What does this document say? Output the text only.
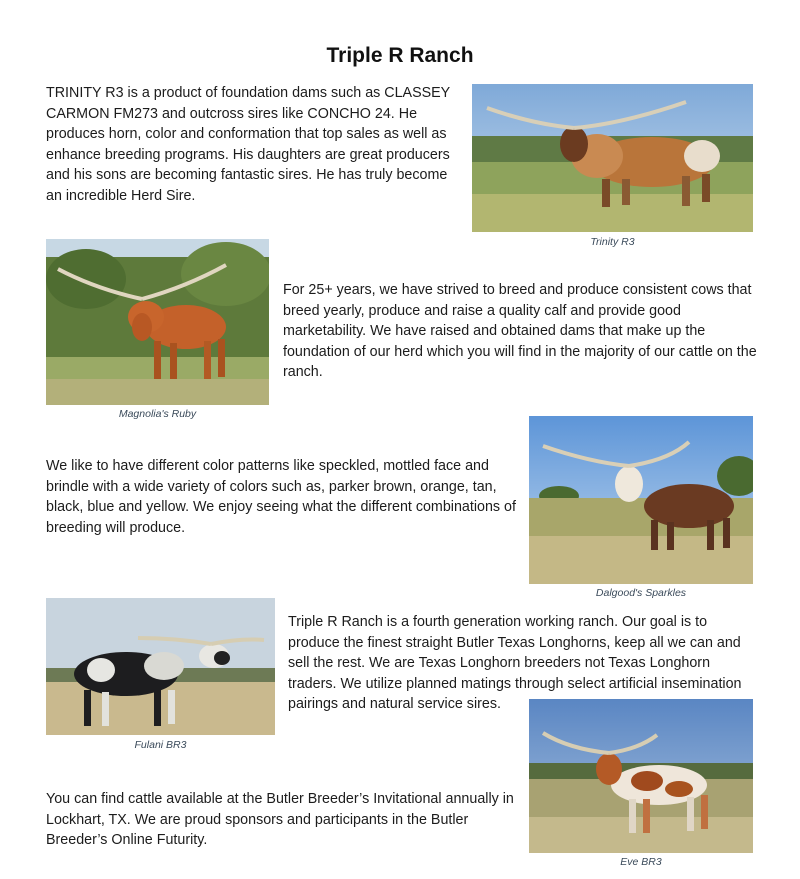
Triple R Ranch
TRINITY R3 is a product of foundation dams such as CLASSEY CARMON FM273 and outcross sires like CONCHO 24. He produces horn, color and conformation that top sales as well as enhance breeding programs. His daughters are great producers and his sons are becoming fantastic sires. He has truly become an incredible Herd Sire.
Trinity R3
Magnolia's Ruby
For 25+ years, we have strived to breed and produce consistent cows that breed yearly, produce and raise a quality calf and provide good marketability. We have raised and obtained dams that make up the foundation of our herd which you will find in the majority of our cattle on the ranch.
Dalgood's Sparkles
We like to have different color patterns like speckled, mottled face and brindle with a wide variety of colors such as, parker brown, orange, tan, black, blue and yellow. We enjoy seeing what the different combinations of breeding will produce.
Fulani BR3
Triple R Ranch is a fourth generation working ranch. Our goal is to produce the finest straight Butler Texas Longhorns, keep all we can and sell the rest. We are Texas Longhorn breeders not Texas Longhorn traders. We utilize planned matings through select artificial insemination pairings and natural service sires.
Eve BR3
You can find cattle available at the Butler Breeder’s Invitational annually in Lockhart, TX. We are proud sponsors and participants in the Butler Breeder’s Online Futurity.
